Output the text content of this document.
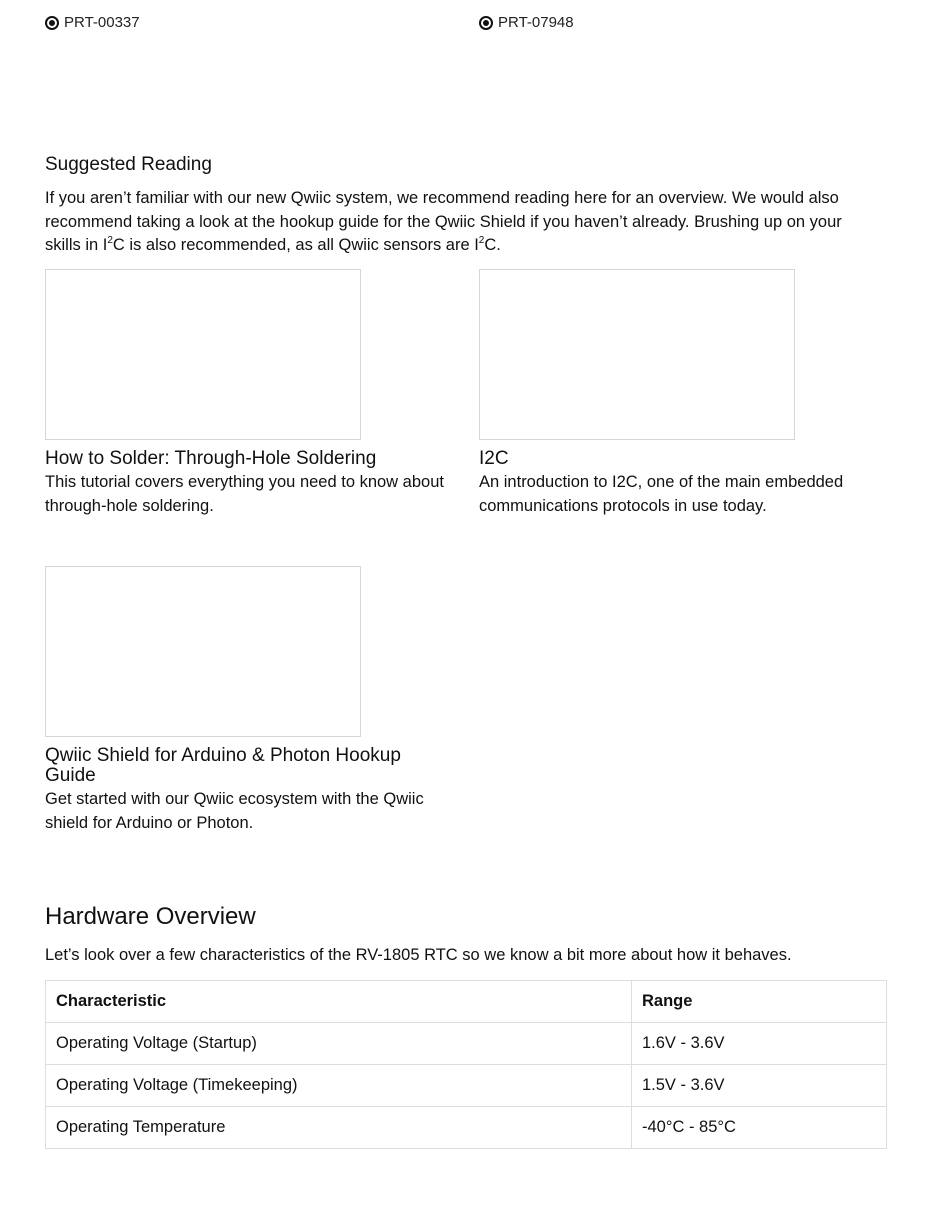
PRT-00337	PRT-07948
Suggested Reading

If you aren’t familiar with our new Qwiic system, we recommend reading here for an overview. We would also
recommend taking a look at the hookup guide for the Qwiic Shield if you haven’t already. Brushing up on your
skills in $I^2C$ is also recommended, as all Qwiic sensors are $I^2C$.

How to Solder: Through-Hole Soldering
This tutorial covers everything you need to know about through-hole soldering.
I2C
An introduction to I2C, one of the main embedded communications protocols in use today.
Qwiic Shield for Arduino & Photon Hookup Guide
Get started with our Qwiic ecosystem with the Qwiic shield for Arduino or Photon.
Hardware Overview

Let’s look over a few characteristics of the RV-1805 RTC so we know a bit more about how it behaves.

Characteristic	Range
Operating Voltage (Startup)	1.6V - 3.6V
Operating Voltage (Timekeeping)	1.5V - 3.6V
Operating Temperature	-40°C - 85°C
